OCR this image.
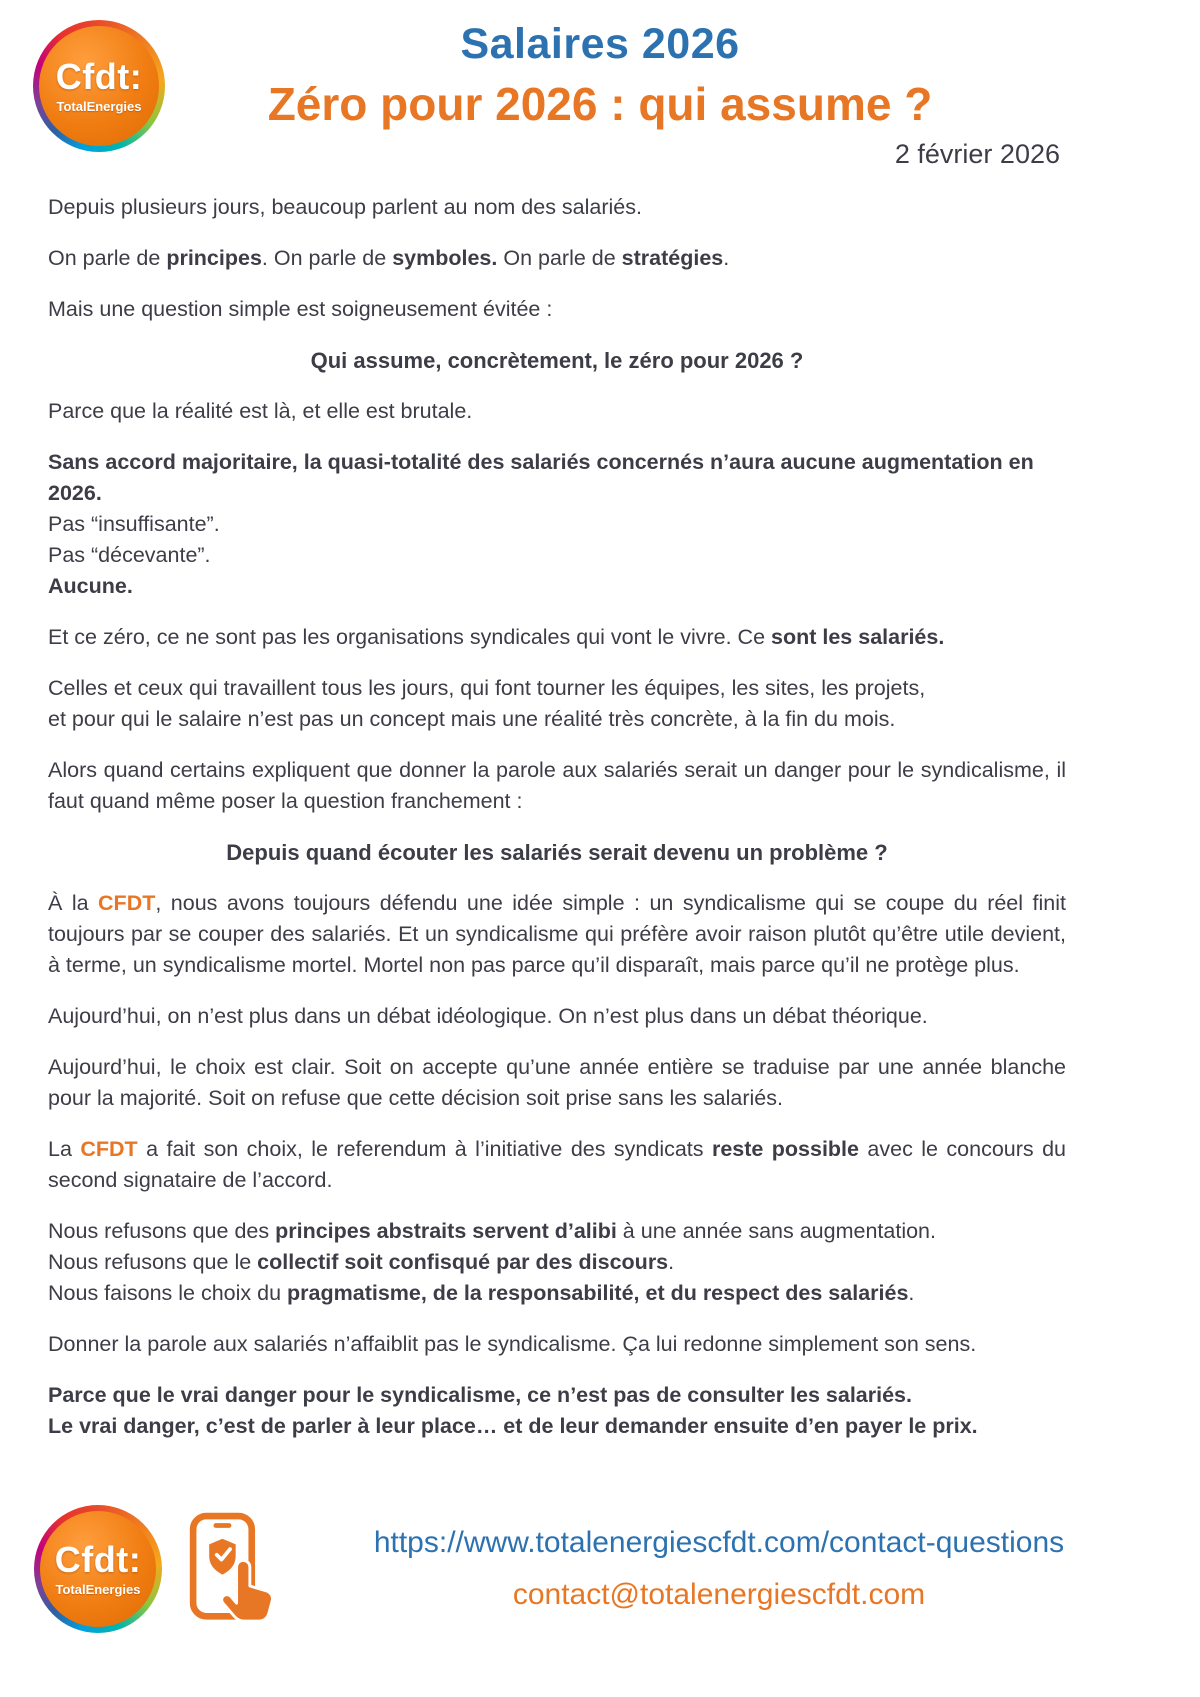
Cfdt:
TotalEnergies
Salaires 2026
Zéro pour 2026 : qui assume ?
2 février 2026

Depuis plusieurs jours, beaucoup parlent au nom des salariés.

On parle de principes. On parle de symboles. On parle de stratégies.

Mais une question simple est soigneusement évitée :

Qui assume, concrètement, le zéro pour 2026 ?

Parce que la réalité est là, et elle est brutale.

Sans accord majoritaire, la quasi-totalité des salariés concernés n’aura aucune augmentation en 2026.
Pas “insuffisante”.
Pas “décevante”.
Aucune.

Et ce zéro, ce ne sont pas les organisations syndicales qui vont le vivre. Ce sont les salariés.

Celles et ceux qui travaillent tous les jours, qui font tourner les équipes, les sites, les projets,
et pour qui le salaire n’est pas un concept mais une réalité très concrète, à la fin du mois.

Alors quand certains expliquent que donner la parole aux salariés serait un danger pour le syndicalisme, il faut quand même poser la question franchement :

Depuis quand écouter les salariés serait devenu un problème ?

À la CFDT, nous avons toujours défendu une idée simple : un syndicalisme qui se coupe du réel finit toujours par se couper des salariés. Et un syndicalisme qui préfère avoir raison plutôt qu’être utile devient, à terme, un syndicalisme mortel. Mortel non pas parce qu’il disparaît, mais parce qu’il ne protège plus.

Aujourd’hui, on n’est plus dans un débat idéologique. On n’est plus dans un débat théorique.

Aujourd’hui, le choix est clair. Soit on accepte qu’une année entière se traduise par une année blanche pour la majorité. Soit on refuse que cette décision soit prise sans les salariés.

La CFDT a fait son choix, le referendum à l’initiative des syndicats reste possible avec le concours du second signataire de l’accord.

Nous refusons que des principes abstraits servent d’alibi à une année sans augmentation.
Nous refusons que le collectif soit confisqué par des discours.
Nous faisons le choix du pragmatisme, de la responsabilité, et du respect des salariés.

Donner la parole aux salariés n’affaiblit pas le syndicalisme. Ça lui redonne simplement son sens.

Parce que le vrai danger pour le syndicalisme, ce n’est pas de consulter les salariés.
Le vrai danger, c’est de parler à leur place… et de leur demander ensuite d’en payer le prix.

Cfdt:
TotalEnergies
https://www.totalenergiescfdt.com/contact-questions
contact@totalenergiescfdt.com
